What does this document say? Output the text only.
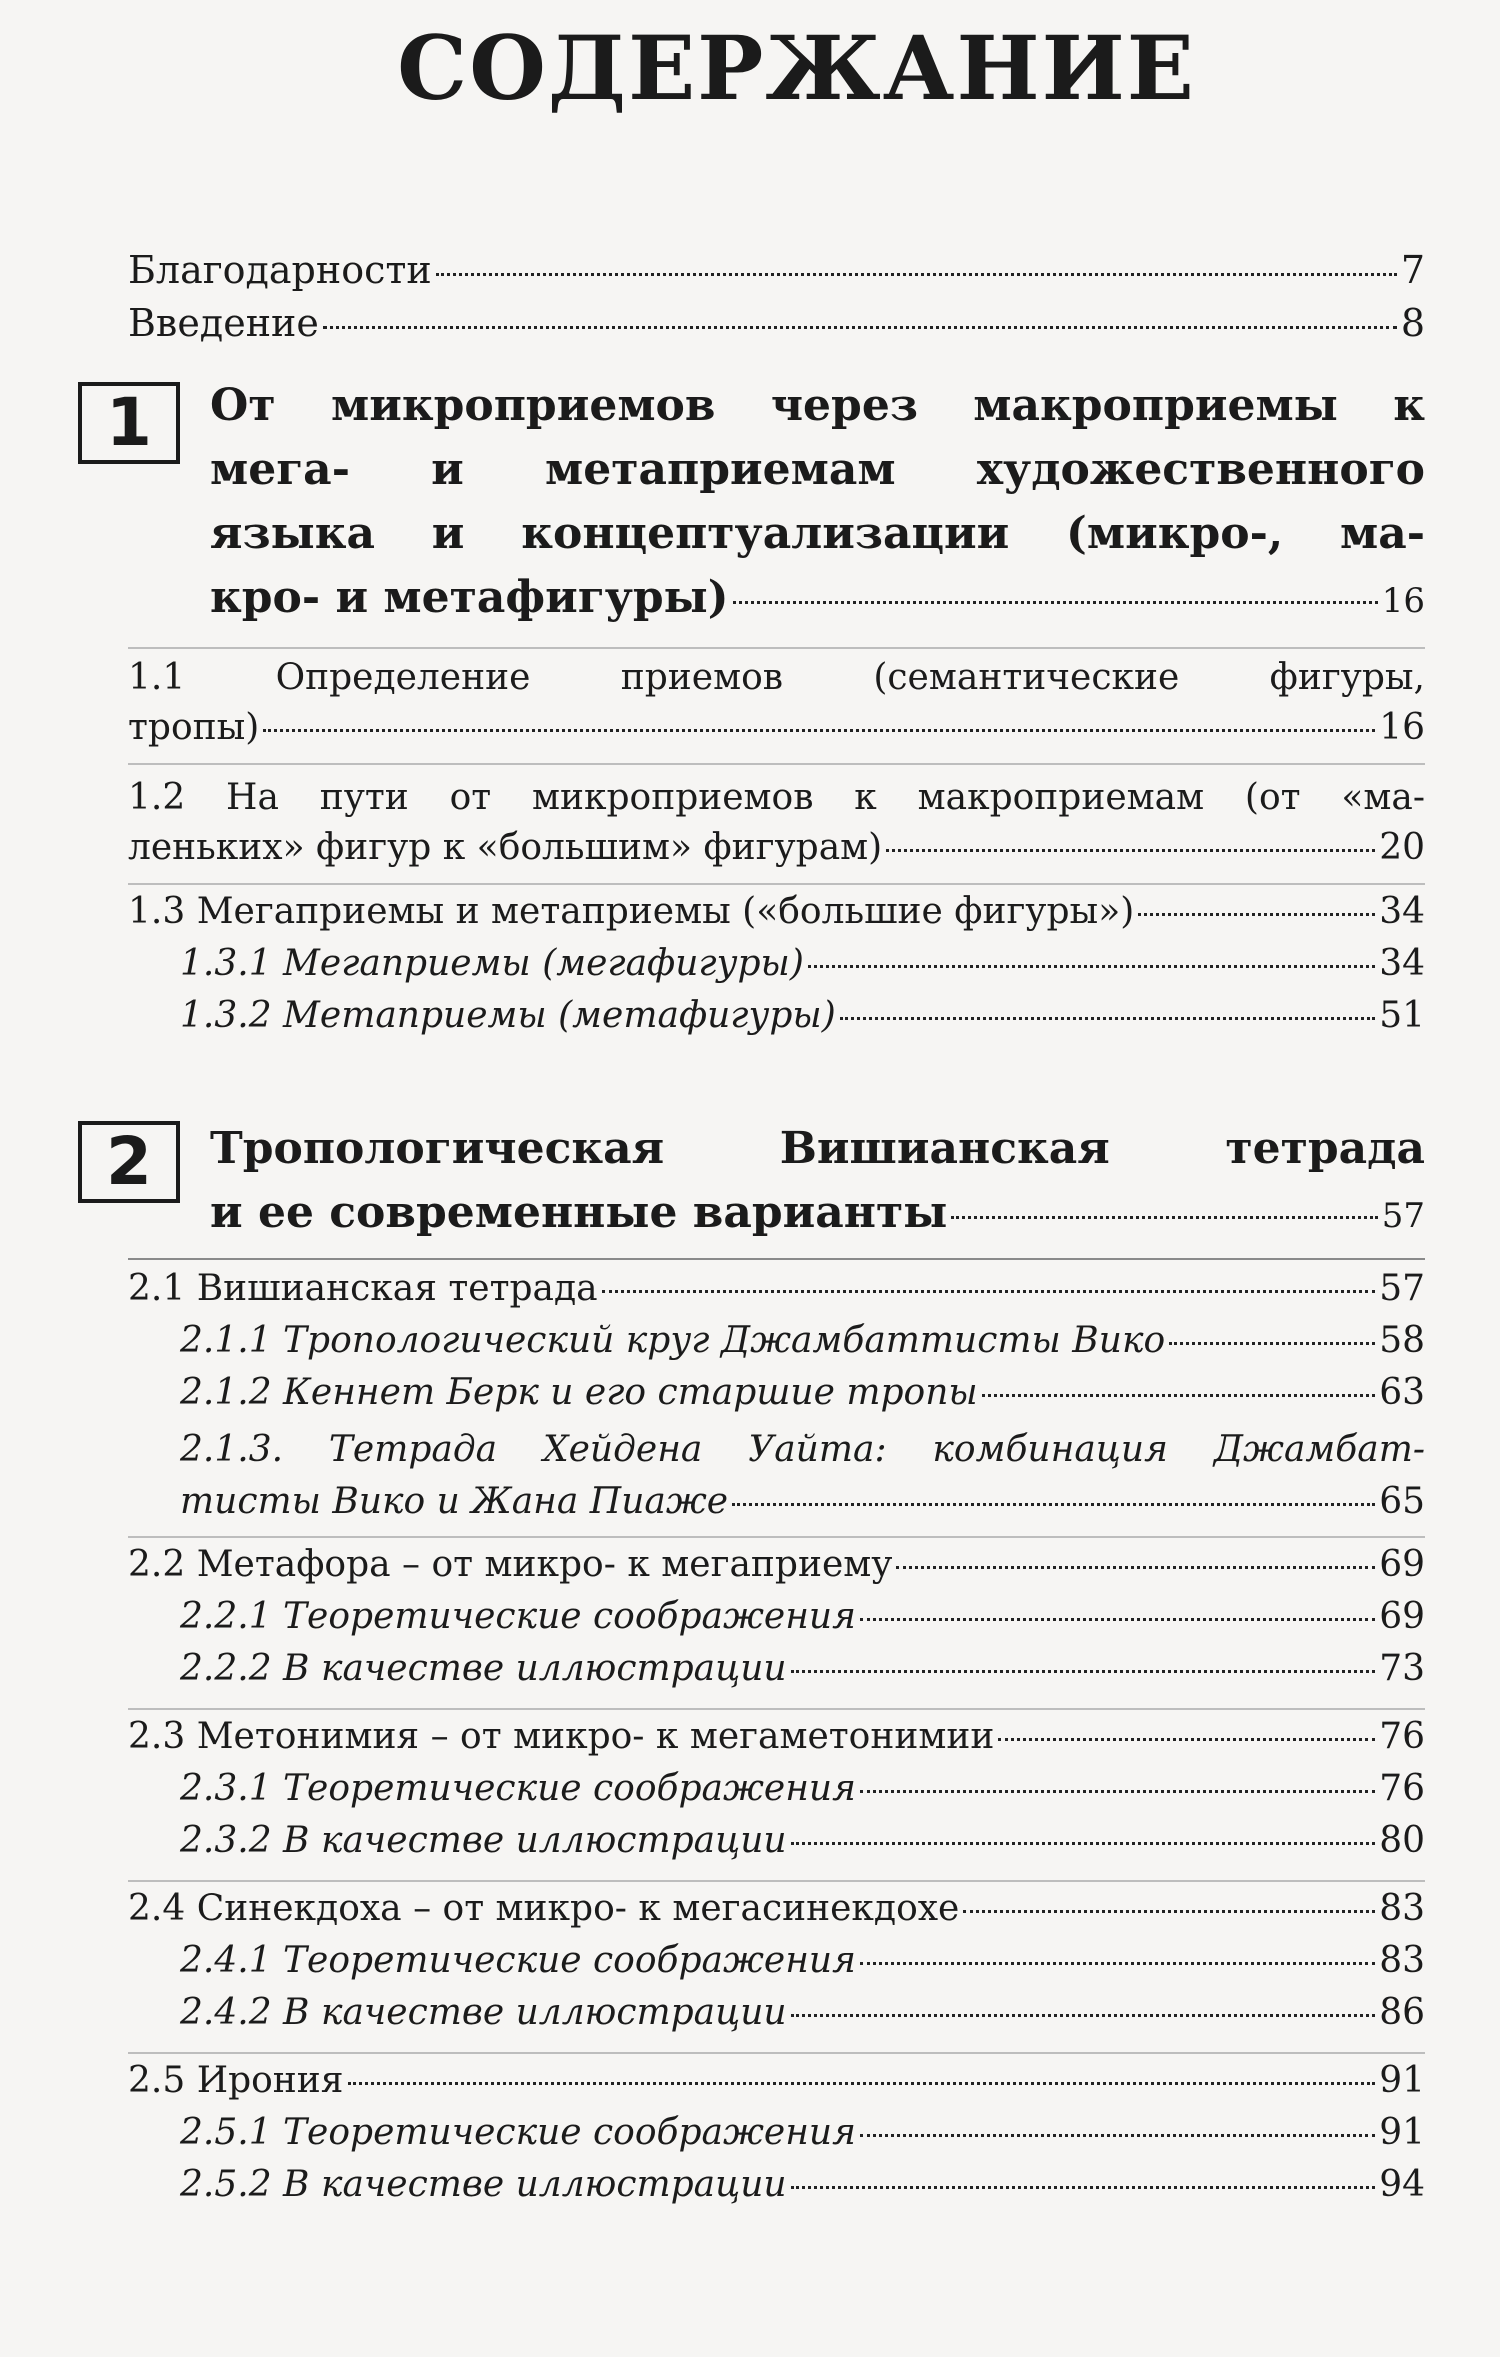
СОДЕРЖАНИЕ
Благодарности	7
Введение	8
1	От микроприемов через макроприемы к
мега- и метаприемам художественного
языка и концептуализации (микро-, ма-
кро- и метафигуры)	16
1.1 Определение приемов (семантические фигуры,
тропы)	16
1.2 На пути от микроприемов к макроприемам (от «ма-
леньких» фигур к «большим» фигурам)	20
1.3 Мегаприемы и метаприемы («большие фигуры»)	34
1.3.1 Мегаприемы (мегафигуры)	34
1.3.2 Метаприемы (метафигуры)	51
2	Тропологическая Вишианская тетрада
и ее современные варианты	57
2.1 Вишианская тетрада	57
2.1.1 Тропологический круг Джамбаттисты Вико	58
2.1.2 Кеннет Берк и его старшие тропы	63
2.1.3. Тетрада Хейдена Уайта: комбинация Джамбат-
тисты Вико и Жана Пиаже	65
2.2 Метафора – от микро- к мегаприему	69
2.2.1 Теоретические соображения	69
2.2.2 В качестве иллюстрации	73
2.3 Метонимия – от микро- к мегаметонимии	76
2.3.1 Теоретические соображения	76
2.3.2 В качестве иллюстрации	80
2.4 Синекдоха – от микро- к мегасинекдохе	83
2.4.1 Теоретические соображения	83
2.4.2 В качестве иллюстрации	86
2.5 Ирония	91
2.5.1 Теоретические соображения	91
2.5.2 В качестве иллюстрации	94
